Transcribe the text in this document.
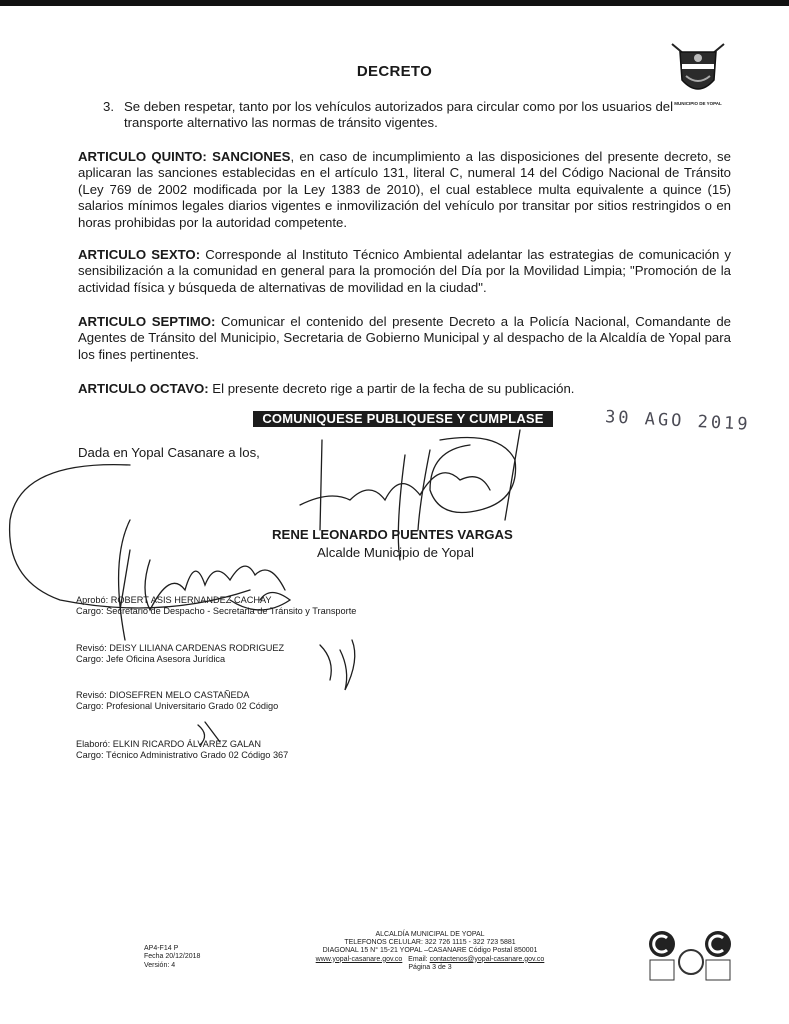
DECRETO
MUNICIPIO DE YOPAL
3. Se deben respetar, tanto por los vehículos autorizados para circular como por los usuarios del transporte alternativo las normas de tránsito vigentes.
ARTICULO QUINTO: SANCIONES, en caso de incumplimiento a las disposiciones del presente decreto, se aplicaran las sanciones establecidas en el artículo 131, literal C, numeral 14 del Código Nacional de Tránsito (Ley 769 de 2002 modificada por la Ley 1383 de 2010), el cual establece multa equivalente a quince (15) salarios mínimos legales diarios vigentes e inmovilización del vehículo por transitar por sitios restringidos o en horas prohibidas por la autoridad competente.
ARTICULO SEXTO: Corresponde al Instituto Técnico Ambiental adelantar las estrategias de comunicación y sensibilización a la comunidad en general para la promoción del Día por la Movilidad Limpia; "Promoción de la actividad física y búsqueda de alternativas de movilidad en la ciudad".
ARTICULO SEPTIMO: Comunicar el contenido del presente Decreto a la Policía Nacional, Comandante de Agentes de Tránsito del Municipio, Secretaria de Gobierno Municipal y al despacho de la Alcaldía de Yopal para los fines pertinentes.
ARTICULO OCTAVO: El presente decreto rige a partir de la fecha de su publicación.
COMUNIQUESE PUBLIQUESE Y CUMPLASE	30 AGO 2019
Dada en Yopal Casanare a los,
RENE LEONARDO PUENTES VARGAS
Alcalde Municipio de Yopal
Aprobó: ROBERT ASIS HERNANDEZ CACHAY
Cargo: Secretario de Despacho - Secretaria de Tránsito y Transporte
Revisó: DEISY LILIANA CARDENAS RODRIGUEZ
Cargo: Jefe Oficina Asesora Jurídica
Revisó: DIOSEFREN MELO CASTAÑEDA
Cargo: Profesional Universitario Grado 02 Código
Elaboró: ELKIN RICARDO ÁLVAREZ GALAN
Cargo: Técnico Administrativo Grado 02 Código 367
AP4-F14 P
Fecha 20/12/2018
Versión: 4
ALCALDÍA MUNICIPAL DE YOPAL
TELEFONOS CELULAR: 322 726 1115 - 322 723 5881
DIAGONAL 15 N° 15-21 YOPAL –CASANARE Código Postal 850001
www.yopal-casanare.gov.co Email: contactenos@yopal-casanare.gov.co
Página 3 de 3
